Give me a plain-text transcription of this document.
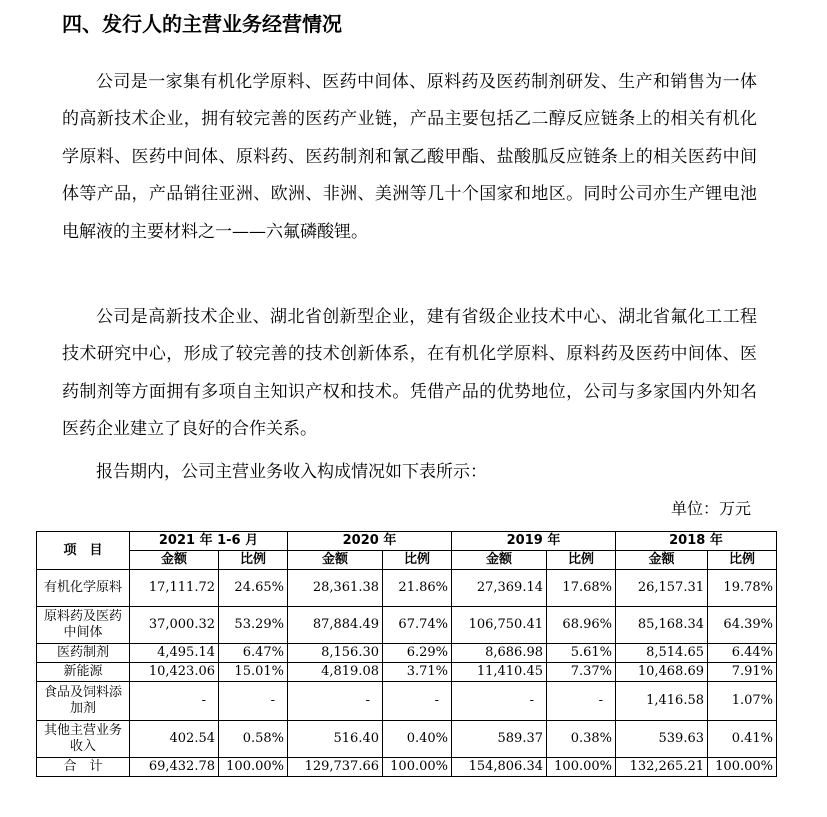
四、发行人的主营业务经营情况

公司是一家集有机化学原料、医药中间体、原料药及医药制剂研发、生产和销售为一体的高新技术企业，拥有较完善的医药产业链，产品主要包括乙二醇反应链条上的相关有机化学原料、医药中间体、原料药、医药制剂和氰乙酸甲酯、盐酸胍反应链条上的相关医药中间体等产品，产品销往亚洲、欧洲、非洲、美洲等几十个国家和地区。同时公司亦生产锂电池电解液的主要材料之一——六氟磷酸锂。

公司是高新技术企业、湖北省创新型企业，建有省级企业技术中心、湖北省氟化工工程技术研究中心，形成了较完善的技术创新体系，在有机化学原料、原料药及医药中间体、医药制剂等方面拥有多项自主知识产权和技术。凭借产品的优势地位，公司与多家国内外知名医药企业建立了良好的合作关系。

报告期内，公司主营业务收入构成情况如下表所示：

单位：万元
项　目	2021 年 1-6 月		2020 年		2019 年		2018 年	
	金额	比例	金额	比例	金额	比例	金额	比例
有机化学原料	17,111.72	24.65%	28,361.38	21.86%	27,369.14	17.68%	26,157.31	19.78%
原料药及医药中间体	37,000.32	53.29%	87,884.49	67.74%	106,750.41	68.96%	85,168.34	64.39%
医药制剂	4,495.14	6.47%	8,156.30	6.29%	8,686.98	5.61%	8,514.65	6.44%
新能源	10,423.06	15.01%	4,819.08	3.71%	11,410.45	7.37%	10,468.69	7.91%
食品及饲料添加剂	-	-	-	-	-	-	1,416.58	1.07%
其他主营业务收入	402.54	0.58%	516.40	0.40%	589.37	0.38%	539.63	0.41%
合　计	69,432.78	100.00%	129,737.66	100.00%	154,806.34	100.00%	132,265.21	100.00%
